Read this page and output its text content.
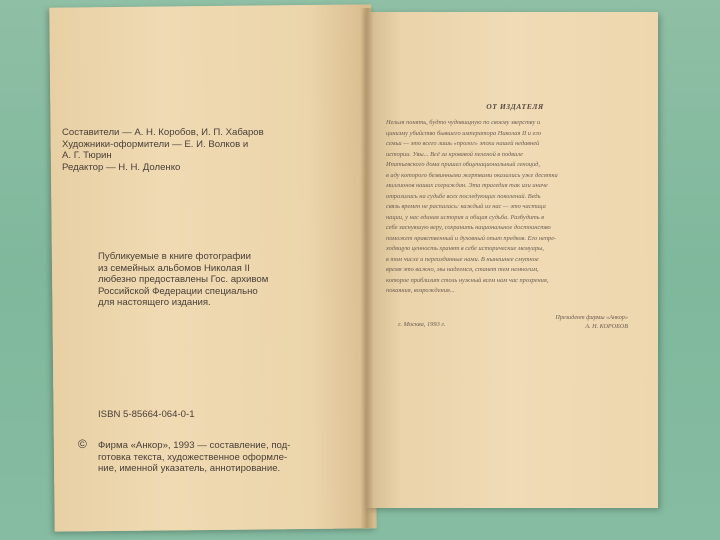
Составители — А. Н. Коробов, И. П. Хабаров
Художники-оформители — Е. И. Волков и
А. Г. Тюрин
Редактор — Н. Н. Доленко
Публикуемые в книге фотографии
из семейных альбомов Николая II
любезно предоставлены Гос. архивом
Российской Федерации специально
для настоящего издания.
ISBN 5-85664-064-0-1
© Фирма «Анкор», 1993 — составление, под-
готовка текста, художественное оформле-
ние, именной указатель, аннотирование.
ОТ ИЗДАТЕЛЯ
Нельзя понять, будто чудовищную по своему зверству и
цинизму убийство бывшего императора Николая II и его
семьи — это всего лишь «пролог» эпохи нашей недавней
истории. Увы... Всё за кровавой пеленой в подвале
Ипатьевского дома пришел общенациональный геноцид,
в аду которого безвинными жертвами оказались уже десятки
миллионов наших сограждан. Эта трагедия так или иначе
отразилась на судьбе всех последующих поколений. Ведь
связь времен не распалась: каждый из нас — это частица
нации, у нас единая история и общая судьба. Разбудить в
себе заснувшую веру, сохранить национальное достоинство
поможет нравственный и духовный опыт предков. Его непре-
ходящую ценность хранят в себе исторические мемуары,
в том числе и переизданные нами. В нынешнее смутное
время это важно, мы надеемся, станет тем немногим,
которое приблизит столь нужный всем нам час прозрения,
покаяния, возрождения...
г. Москва, 1993 г.
Президент фирмы «Анкор»
А. Н. КОРОБОВ
